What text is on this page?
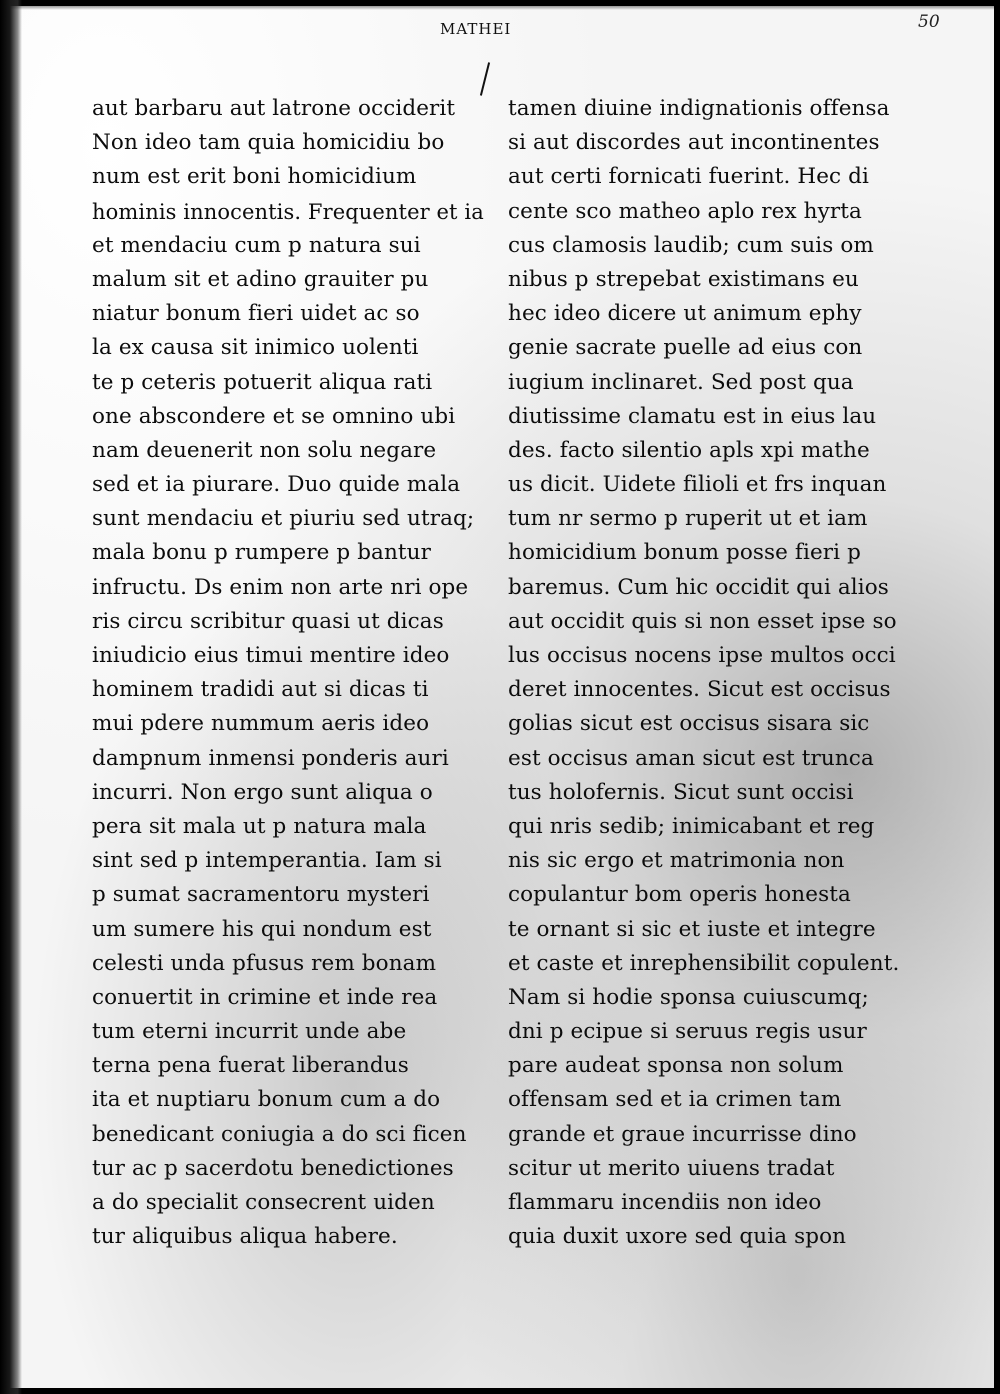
MATHEI	50
aut barbaru aut latrone occiderit
Non ideo tam quia homicidiu bo
num est erit boni homicidium
hominis innocentis. Frequenter et ia
et mendaciu cum p natura sui
malum sit et adino grauiter pu
niatur bonum fieri uidet ac so
la ex causa sit inimico uolenti
te p ceteris potuerit aliqua rati
one abscondere et se omnino ubi
nam deuenerit non solu negare
sed et ia piurare. Duo quide mala
sunt mendaciu et piuriu sed utraq;
mala bonu p rumpere p bantur
infructu. Ds enim non arte nri ope
ris circu scribitur quasi ut dicas
iniudicio eius timui mentire ideo
hominem tradidi aut si dicas ti
mui pdere nummum aeris ideo
dampnum inmensi ponderis auri
incurri. Non ergo sunt aliqua o
pera sit mala ut p natura mala
sint sed p intemperantia. Iam si
p sumat sacramentoru mysteri
um sumere his qui nondum est
celesti unda pfusus rem bonam
conuertit in crimine et inde rea
tum eterni incurrit unde abe
terna pena fuerat liberandus
ita et nuptiaru bonum cum a do
benedicant coniugia a do sci ficen
tur ac p sacerdotu benedictiones
a do specialit consecrent uiden
tur aliquibus aliqua habere.
tamen diuine indignationis offensa
si aut discordes aut incontinentes
aut certi fornicati fuerint. Hec di
cente sco matheo aplo rex hyrta
cus clamosis laudib; cum suis om
nibus p strepebat existimans eu
hec ideo dicere ut animum ephy
genie sacrate puelle ad eius con
iugium inclinaret. Sed post qua
diutissime clamatu est in eius lau
des. facto silentio apls xpi mathe
us dicit. Uidete filioli et frs inquan
tum nr sermo p ruperit ut et iam
homicidium bonum posse fieri p
baremus. Cum hic occidit qui alios
aut occidit quis si non esset ipse so
lus occisus nocens ipse multos occi
deret innocentes. Sicut est occisus
golias sicut est occisus sisara sic
est occisus aman sicut est trunca
tus holofernis. Sicut sunt occisi
qui nris sedib; inimicabant et reg
nis sic ergo et matrimonia non
copulantur bom operis honesta
te ornant si sic et iuste et integre
et caste et inrephensibilit copulent.
Nam si hodie sponsa cuiuscumq;
dni p ecipue si seruus regis usur
pare audeat sponsa non solum
offensam sed et ia crimen tam
grande et graue incurrisse dino
scitur ut merito uiuens tradat
flammaru incendiis non ideo
quia duxit uxore sed quia spon
